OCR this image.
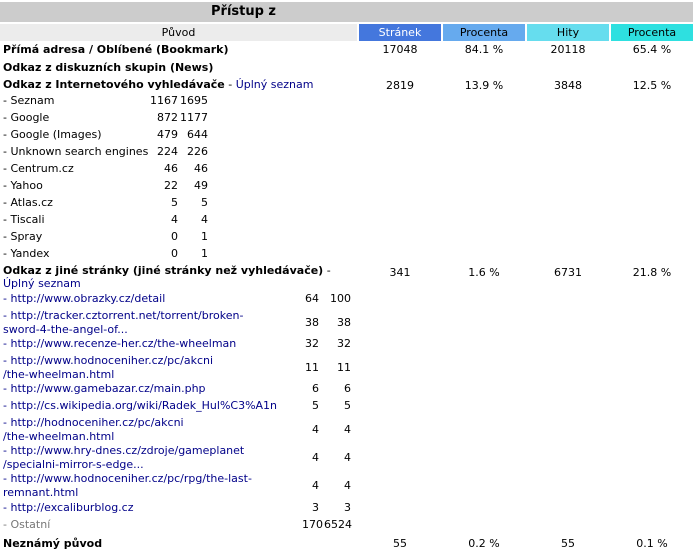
Přístup z
Původ	Stránek	Procenta	Hity	Procenta
Přímá adresa / Oblíbené (Bookmark)	17048	84.1 %	20118	65.4 %
Odkaz z diskuzních skupin (News)
Odkaz z Internetového vyhledávače - Úplný seznam	2819	13.9 %	3848	12.5 %
- Seznam	1167 1695
- Google	872 1177
- Google (Images)	479 644
- Unknown search engines 224 226
- Centrum.cz	46	46
- Yahoo	22	49
- Atlas.cz	5	5
- Tiscali	4	4
- Spray	0	1
- Yandex	0	1
Odkaz z jiné stránky (jiné stránky než vyhledávače) -
Úplný seznam
341	1.6 %	6731	21.8 %
- http://www.obrazky.cz/detail	64	100
- http://tracker.cztorrent.net/torrent/broken-
sword-4-the-angel-of...
38	38
- http://www.recenze-her.cz/the-wheelman	32	32
- http://www.hodnoceniher.cz/pc/akcni
/the-wheelman.html
11	11
- http://www.gamebazar.cz/main.php	6	6
- http://cs.wikipedia.org/wiki/Radek_Hul%C3%A1n	5	5
- http://hodnoceniher.cz/pc/akcni
/the-wheelman.html
4	4
- http://www.hry-dnes.cz/zdroje/gameplanet
/specialni-mirror-s-edge...
4	4
- http://www.hodnoceniher.cz/pc/rpg/the-last-
remnant.html
4	4
- http://excaliburblog.cz	3	3
- Ostatní	170 6524
Neznámý původ	55	0.2 %	55	0.1 %
